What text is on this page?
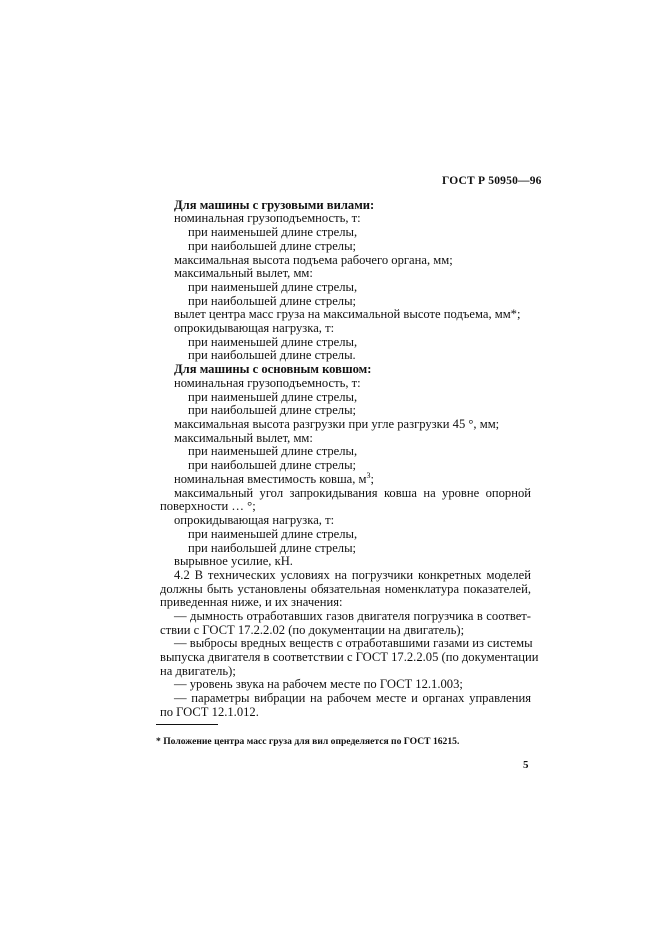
ГОСТ Р 50950—96
Для машины с грузовыми вилами:
номинальная грузоподъемность, т:
при наименьшей длине стрелы,
при наибольшей длине стрелы;
максимальная высота подъема рабочего органа, мм;
максимальный вылет, мм:
при наименьшей длине стрелы,
при наибольшей длине стрелы;
вылет центра масс груза на максимальной высоте подъема, мм*;
опрокидывающая нагрузка, т:
при наименьшей длине стрелы,
при наибольшей длине стрелы.
Для машины с основным ковшом:
номинальная грузоподъемность, т:
при наименьшей длине стрелы,
при наибольшей длине стрелы;
максимальная высота разгрузки при угле разгрузки 45 °, мм;
максимальный вылет, мм:
при наименьшей длине стрелы,
при наибольшей длине стрелы;
номинальная вместимость ковша, $м^3$;
максимальный угол запрокидывания ковша на уровне опорной
поверхности … °;
опрокидывающая нагрузка, т:
при наименьшей длине стрелы,
при наибольшей длине стрелы;
вырывное усилие, кН.
4.2 В технических условиях на погрузчики конкретных моделей
должны быть установлены обязательная номенклатура показателей,
приведенная ниже, и их значения:
— дымность отработавших газов двигателя погрузчика в соответ-
ствии с ГОСТ 17.2.2.02 (по документации на двигатель);
— выбросы вредных веществ с отработавшими газами из системы
выпуска двигателя в соответствии с ГОСТ 17.2.2.05 (по документации
на двигатель);
— уровень звука на рабочем месте по ГОСТ 12.1.003;
— параметры вибрации на рабочем месте и органах управления
по ГОСТ 12.1.012.
* Положение центра масс груза для вил определяется по ГОСТ 16215.
5
